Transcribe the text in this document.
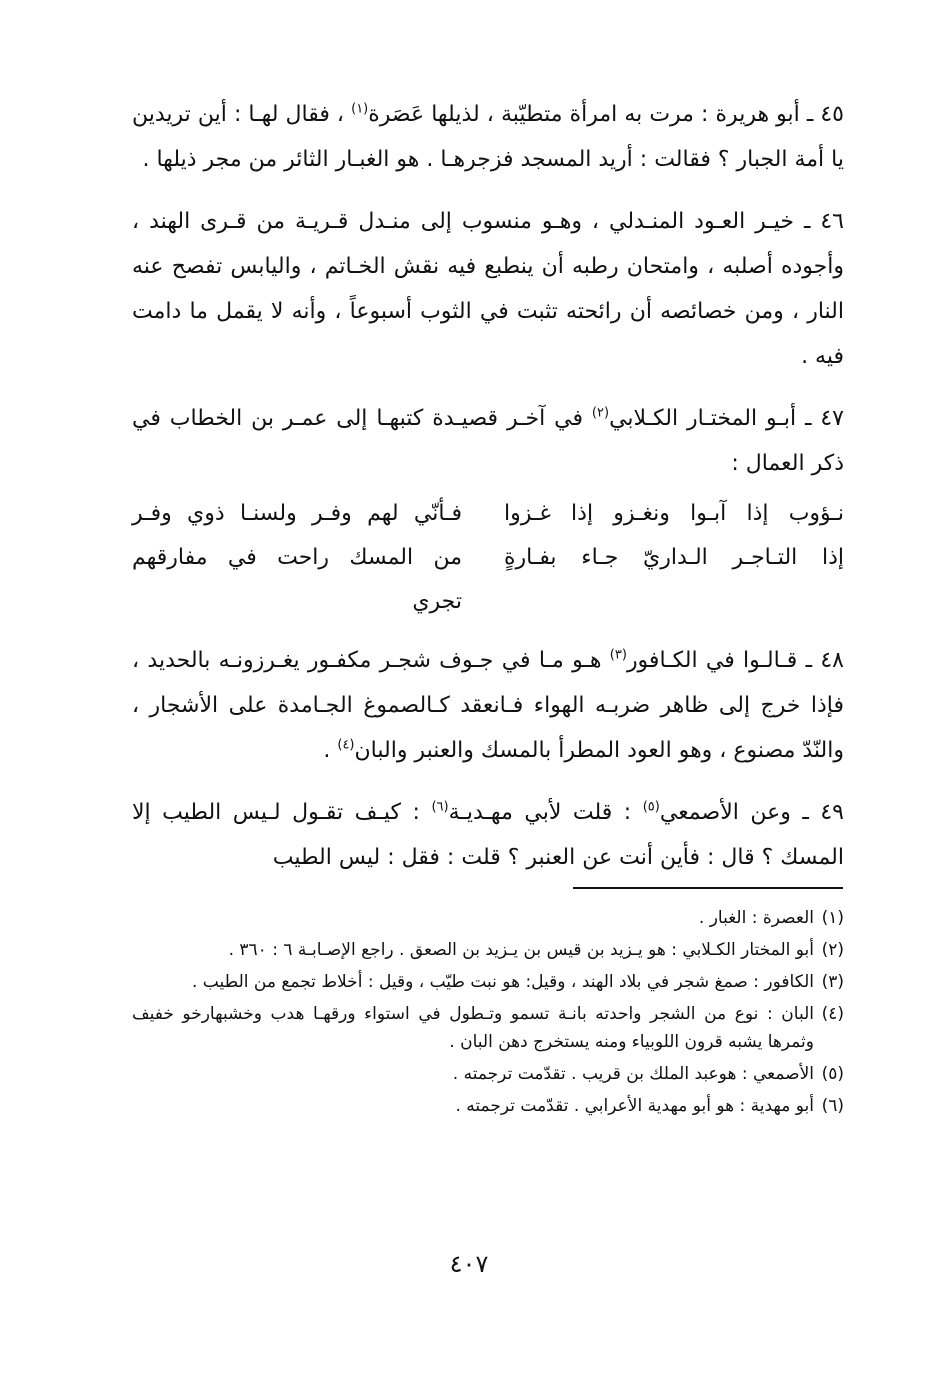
٤٥ ـ أبو هريرة : مرت به امرأة متطيّبة ، لذيلها عَصَرة$^{(١)}$ ، فقال لهـا : أين تريدين يا أمة الجبار ؟ فقالت : أريد المسجد فزجرهـا . هو الغبـار الثائر من مجر ذيلها .

٤٦ ـ خيـر العـود المنـدلي ، وهـو منسوب إلى منـدل قـريـة من قـرى الهند ، وأجوده أصلبه ، وامتحان رطبه أن ينطبع فيه نقش الخـاتم ، واليابس تفصح عنه النار ، ومن خصائصه أن رائحته تثبت في الثوب أسبوعاً ، وأنه لا يقمل ما دامت فيه .

٤٧ ـ أبـو المختـار الكـلابي$^{(٢)}$ في آخـر قصيـدة كتبهـا إلى عمـر بن الخطاب في ذكر العمال :

نـؤوب إذا آبـوا ونغـزو إذا غـزوا
فـأنّي لهم وفـر ولسنـا ذوي وفـر
إذا التـاجـر الـداريّ جـاء بفـارةٍ
من المسك راحت في مفارقهم تجري

٤٨ ـ قـالـوا في الكـافور$^{(٣)}$ هـو مـا في جـوف شجـر مكفـور يغـرزونـه بالحديد ، فإذا خرج إلى ظاهر ضربـه الهواء فـانعقد كـالصموغ الجـامدة على الأشجار ، والنّدّ مصنوع ، وهو العود المطرأ بالمسك والعنبر والبان$^{(٤)}$ .

٤٩ ـ وعن الأصمعي$^{(٥)}$ : قلت لأبي مهـديـة$^{(٦)}$ : كيـف تقـول لـيس الطيب إلا المسك ؟ قال : فأين أنت عن العنبر ؟ قلت : فقل : ليس الطيب

(١)
العصرة : الغبار .
(٢)
أبو المختار الكـلابي : هو يـزيد بن قيس بن يـزيد بن الصعق . راجع الإصـابـة ٦ : ٣٦٠ .
(٣)
الكافور : صمغ شجر في بلاد الهند ، وقيل: هو نبت طيّب ، وقيل : أخلاط تجمع من الطيب .
(٤)
البان : نوع من الشجر واحدته بانـة تسمو وتـطول في استواء ورقهـا هدب وخشبهارخو خفيف وثمرها يشبه قرون اللوبياء ومنه يستخرج دهن البان .
(٥)
الأصمعي : هوعبد الملك بن قريب . تقدّمت ترجمته .
(٦)
أبو مهدية : هو أبو مهدية الأعرابي . تقدّمت ترجمته .
٤٠٧
